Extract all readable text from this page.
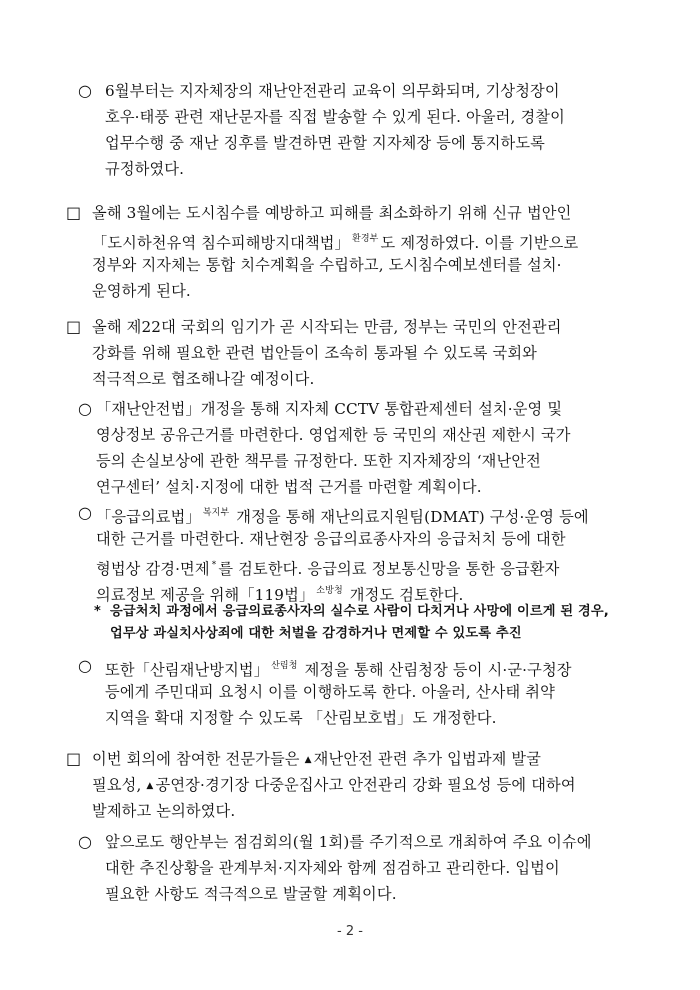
○ 6월부터는 지자체장의 재난안전관리 교육이 의무화되며, 기상청장이
호우·태풍 관련 재난문자를 직접 발송할 수 있게 된다. 아울러, 경찰이
업무수행 중 재난 징후를 발견하면 관할 지자체장 등에 통지하도록
규정하였다.
□ 올해 3월에는 도시침수를 예방하고 피해를 최소화하기 위해 신규 법안인
「도시하천유역 침수피해방지대책법」 $^{환경부}$ 도 제정하였다. 이를 기반으로
정부와 지자체는 통합 치수계획을 수립하고, 도시침수예보센터를 설치·
운영하게 된다.
□ 올해 제22대 국회의 임기가 곧 시작되는 만큼, 정부는 국민의 안전관리
강화를 위해 필요한 관련 법안들이 조속히 통과될 수 있도록 국회와
적극적으로 협조해나갈 예정이다.
○ 「재난안전법」개정을 통해 지자체 CCTV 통합관제센터 설치·운영 및
영상정보 공유근거를 마련한다. 영업제한 등 국민의 재산권 제한시 국가
등의 손실보상에 관한 책무를 규정한다. 또한 지자체장의 ‘재난안전
연구센터’ 설치·지정에 대한 법적 근거를 마련할 계획이다.
○ 「응급의료법」 $^{복지부}$ 개정을 통해 재난의료지원팀(DMAT) 구성·운영 등에
대한 근거를 마련한다. 재난현장 응급의료종사자의 응급처치 등에 대한
형법상 감경·면제 * 를 검토한다. 응급의료 정보통신망을 통한 응급환자
의료정보 제공을 위해「119법」 $^{소방청}$ 개정도 검토한다.
* 응급처치 과정에서 응급의료종사자의 실수로 사람이 다치거나 사망에 이르게 된 경우,
업무상 과실치사상죄에 대한 처벌을 감경하거나 면제할 수 있도록 추진
○ 또한「산림재난방지법」 $^{산림청}$ 제정을 통해 산림청장 등이 시·군·구청장
등에게 주민대피 요청시 이를 이행하도록 한다. 아울러, 산사태 취약
지역을 확대 지정할 수 있도록 「산림보호법」도 개정한다.
□ 이번 회의에 참여한 전문가들은 ▲ 재난안전 관련 추가 입법과제 발굴
필요성, ▲ 공연장·경기장 다중운집사고 안전관리 강화 필요성 등에 대하여
발제하고 논의하였다.
○ 앞으로도 행안부는 점검회의(월 1회)를 주기적으로 개최하여 주요 이슈에
대한 추진상황을 관계부처·지자체와 함께 점검하고 관리한다. 입법이
필요한 사항도 적극적으로 발굴할 계획이다.
- 2 -
